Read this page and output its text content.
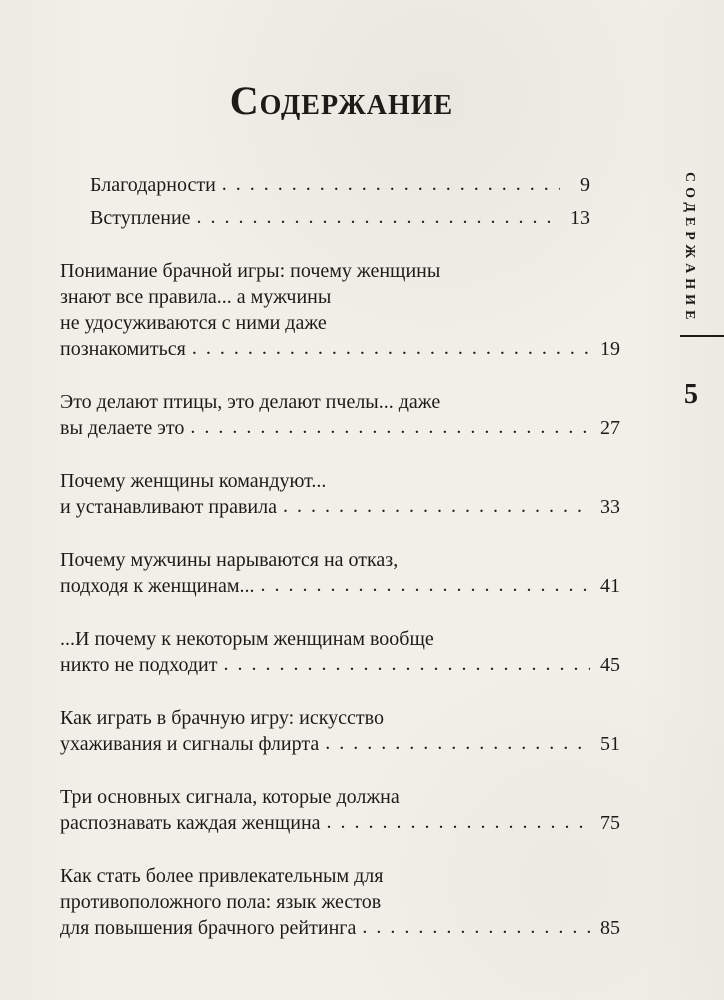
Содержание
Благодарности . . .	9
Вступление . . .	13
Понимание брачной игры: почему женщины
знают все правила... а мужчины
не удосуживаются с ними даже
познакомиться . . .	19
Это делают птицы, это делают пчелы... даже
вы делаете это . . .	27
Почему женщины командуют...
и устанавливают правила . . .	33
Почему мужчины нарываются на отказ,
подходя к женщинам... . . .	41
...И почему к некоторым женщинам вообще
никто не подходит . . .	45
Как играть в брачную игру: искусство
ухаживания и сигналы флирта . . .	51
Три основных сигнала, которые должна
распознавать каждая женщина . . .	75
Как стать более привлекательным для
противоположного пола: язык жестов
для повышения брачного рейтинга . . .	85
СОДЕРЖАНИЕ
5
